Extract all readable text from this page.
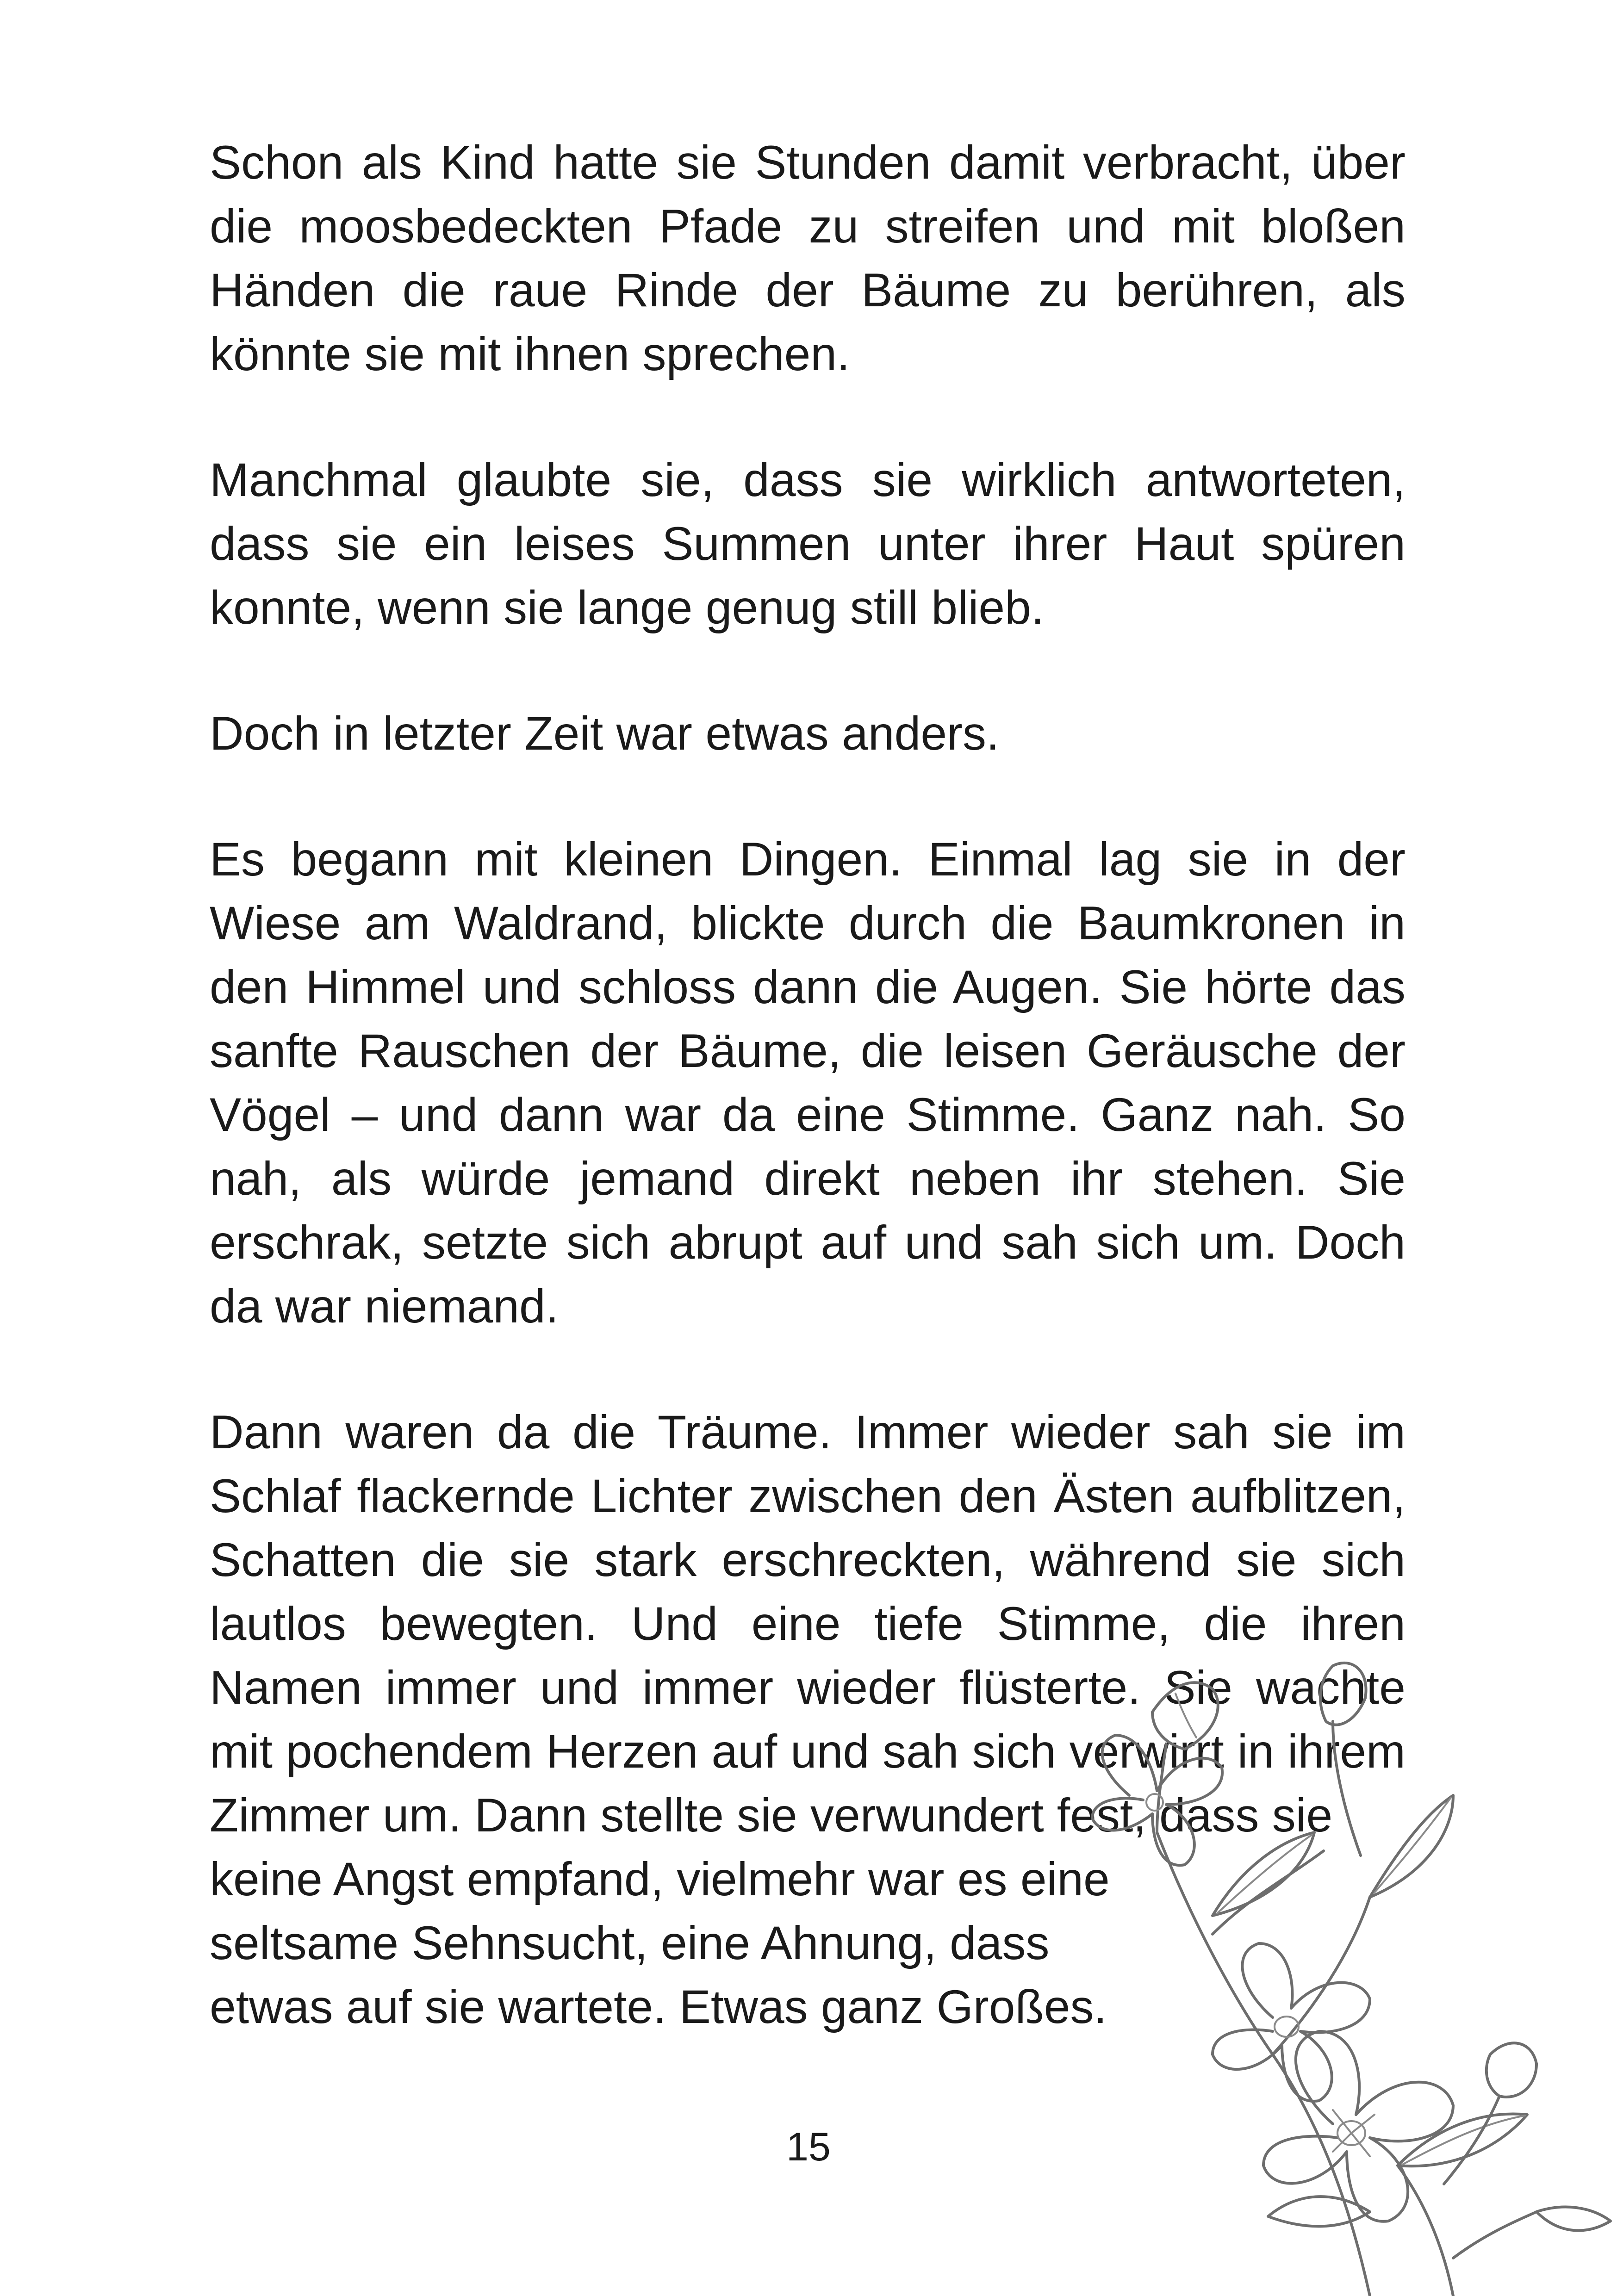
Schon als Kind hatte sie Stunden damit verbracht, über die moosbedeckten Pfade zu streifen und mit bloßen Händen die raue Rinde der Bäume zu berühren, als könnte sie mit ihnen sprechen.

Manchmal glaubte sie, dass sie wirklich antworteten, dass sie ein leises Summen unter ihrer Haut spüren konnte, wenn sie lange genug still blieb.

Doch in letzter Zeit war etwas anders.

Es begann mit kleinen Dingen. Einmal lag sie in der Wiese am Waldrand, blickte durch die Baumkronen in den Himmel und schloss dann die Augen. Sie hörte das sanfte Rauschen der Bäume, die leisen Geräusche der Vögel – und dann war da eine Stimme. Ganz nah. So nah, als würde jemand direkt neben ihr stehen. Sie erschrak, setzte sich abrupt auf und sah sich um. Doch da war niemand.

Dann waren da die Träume. Immer wieder sah sie im Schlaf flackernde Lichter zwischen den Ästen aufblitzen, Schatten die sie stark erschreckten, während sie sich lautlos bewegten. Und eine tiefe Stimme, die ihren Namen immer und immer wieder flüsterte. Sie wachte mit pochendem Herzen auf und sah sich verwirrt in ihrem

Zimmer um. Dann stellte sie verwundert fest, dass sie
keine Angst empfand, vielmehr war es eine
seltsame Sehnsucht, eine Ahnung, dass
etwas auf sie wartete. Etwas ganz Großes.

15
